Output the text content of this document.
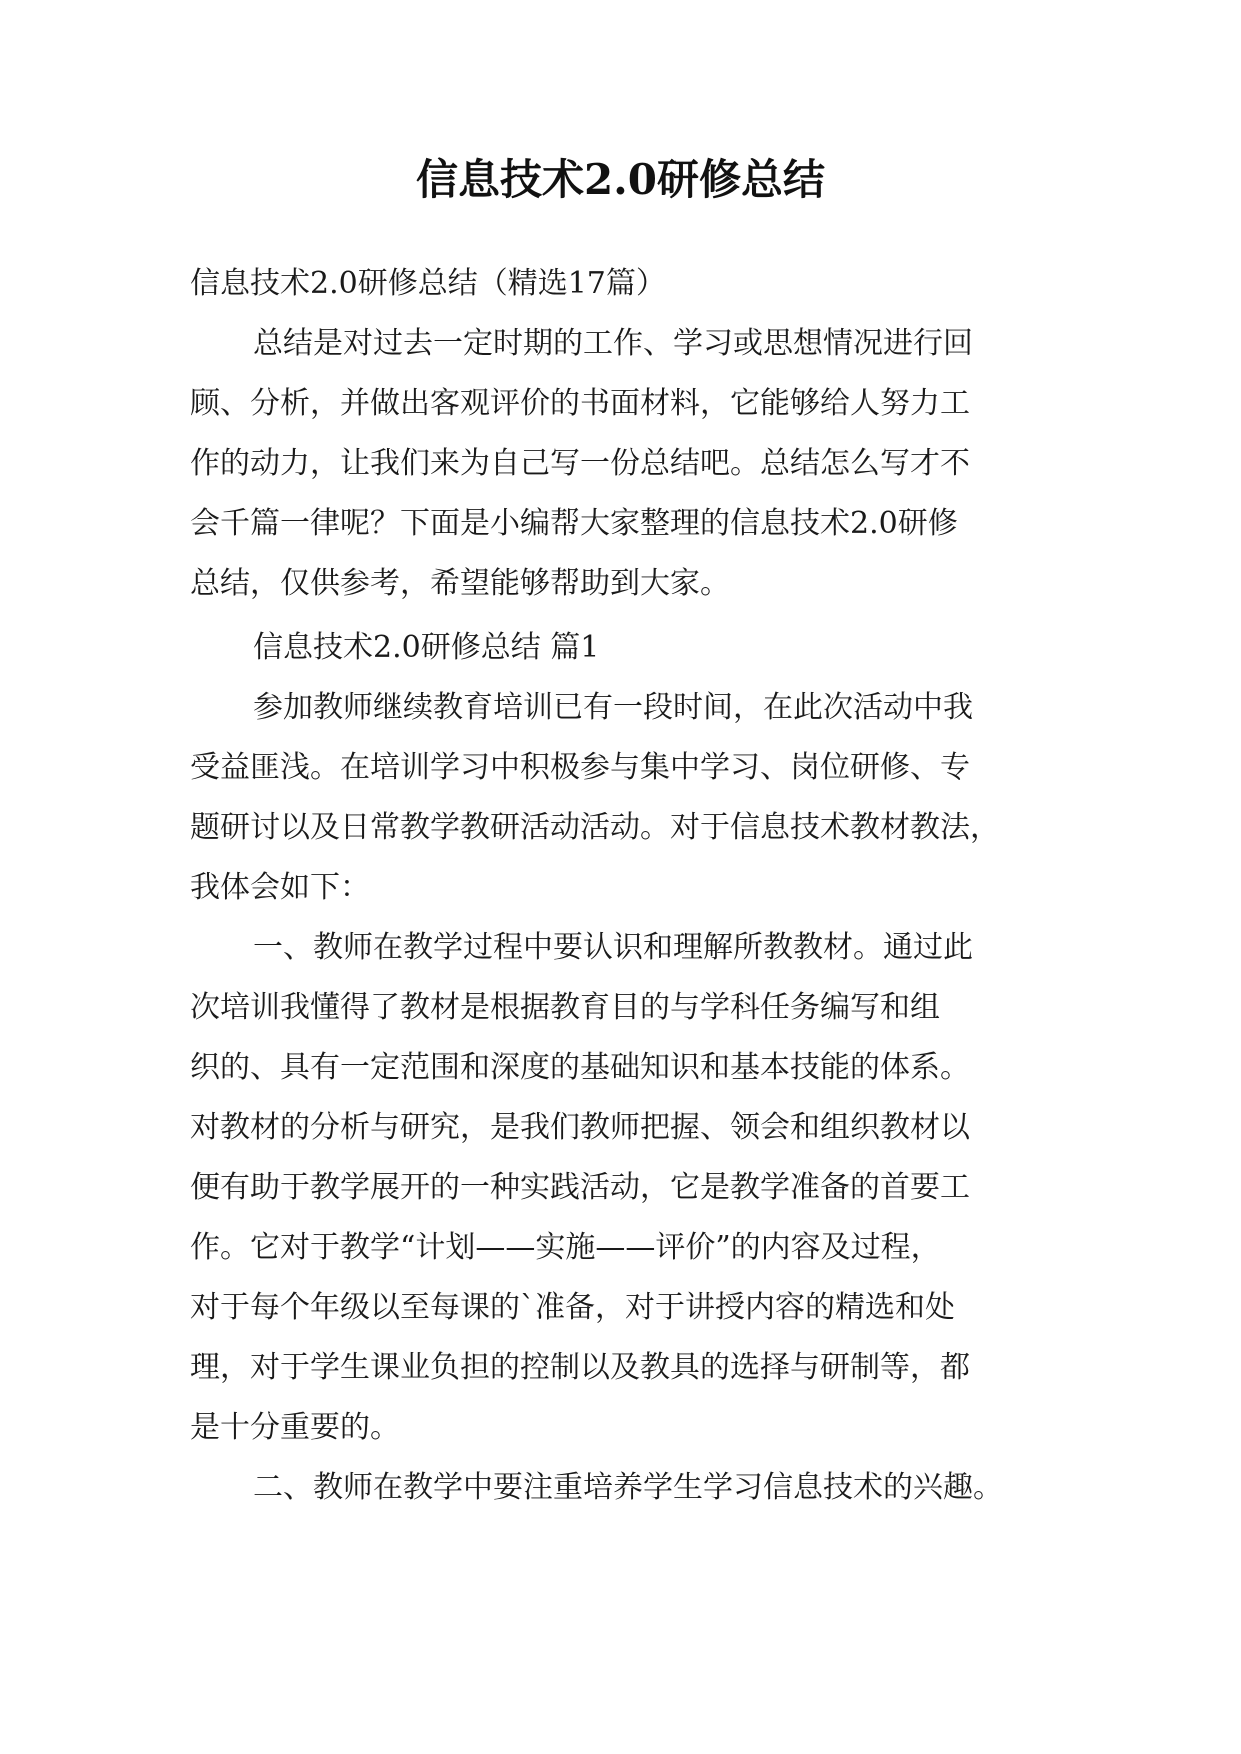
信息技术2.0研修总结
信息技术2.0研修总结（精选17篇）
总结是对过去一定时期的工作、学习或思想情况进行回
顾、分析，并做出客观评价的书面材料，它能够给人努力工
作的动力，让我们来为自己写一份总结吧。总结怎么写才不
会千篇一律呢？下面是小编帮大家整理的信息技术2.0研修
总结，仅供参考，希望能够帮助到大家。
信息技术2.0研修总结 篇1
参加教师继续教育培训已有一段时间，在此次活动中我
受益匪浅。在培训学习中积极参与集中学习、岗位研修、专
题研讨以及日常教学教研活动活动。对于信息技术教材教法，
我体会如下：
一、教师在教学过程中要认识和理解所教教材。通过此
次培训我懂得了教材是根据教育目的与学科任务编写和组
织的、具有一定范围和深度的基础知识和基本技能的体系。
对教材的分析与研究，是我们教师把握、领会和组织教材以
便有助于教学展开的一种实践活动，它是教学准备的首要工
作。它对于教学“计划——实施——评价”的内容及过程，
对于每个年级以至每课的`准备，对于讲授内容的精选和处
理，对于学生课业负担的控制以及教具的选择与研制等，都
是十分重要的。
二、教师在教学中要注重培养学生学习信息技术的兴趣。
